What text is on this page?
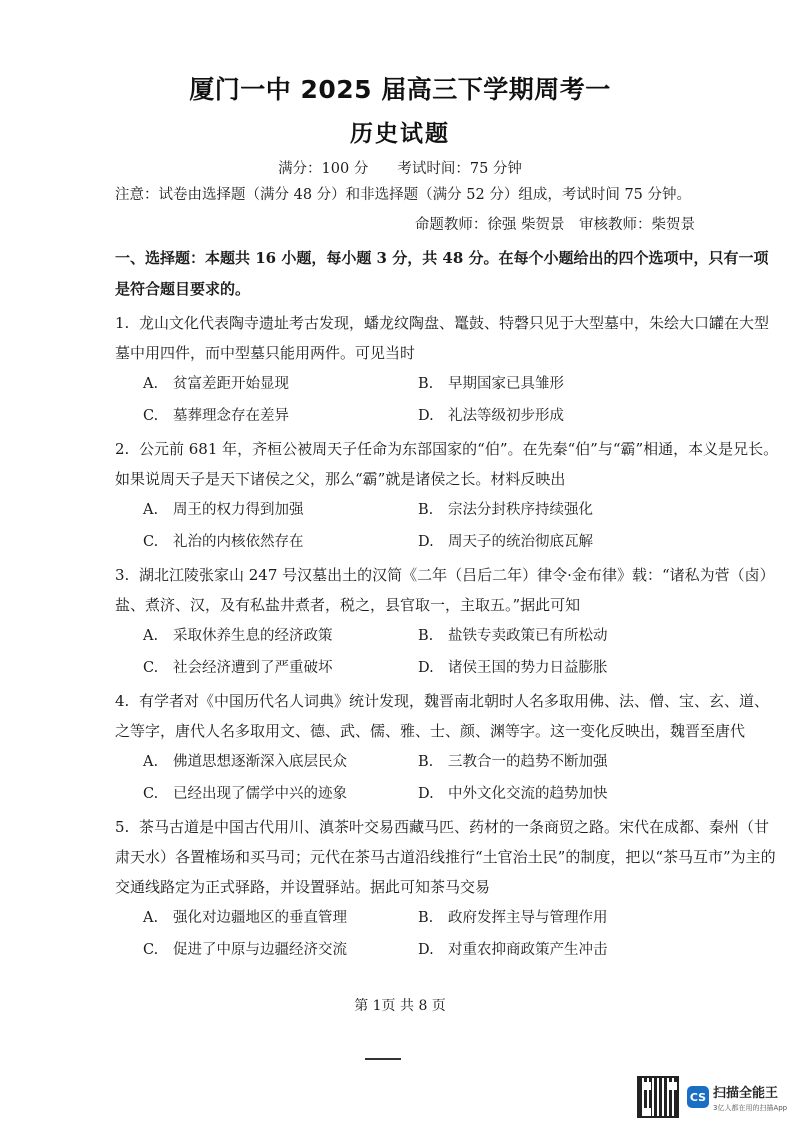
厦门一中 2025 届高三下学期周考一
历史试题
满分：100 分　　考试时间：75 分钟
注意：试卷由选择题（满分 48 分）和非选择题（满分 52 分）组成，考试时间 75 分钟。
命题教师：徐强 柴贺景　审核教师：柴贺景
一、选择题：本题共 16 小题，每小题 3 分，共 48 分。在每个小题给出的四个选项中，只有一项是符合题目要求的。
1. 龙山文化代表陶寺遗址考古发现，蟠龙纹陶盘、鼍鼓、特磬只见于大型墓中，朱绘大口罐在大型墓中用四件，而中型墓只能用两件。可见当时
A. 贫富差距开始显现	B. 早期国家已具雏形
C. 墓葬理念存在差异	D. 礼法等级初步形成
2. 公元前 681 年，齐桓公被周天子任命为东部国家的“伯”。在先秦“伯”与“霸”相通，本义是兄长。如果说周天子是天下诸侯之父，那么“霸”就是诸侯之长。材料反映出
A. 周王的权力得到加强	B. 宗法分封秩序持续强化
C. 礼治的内核依然存在	D. 周天子的统治彻底瓦解
3. 湖北江陵张家山 247 号汉墓出土的汉简《二年（吕后二年）律令·金布律》载：“诸私为菅（卤）盐、煮济、汉，及有私盐井煮者，税之，县官取一，主取五。”据此可知
A. 采取休养生息的经济政策	B. 盐铁专卖政策已有所松动
C. 社会经济遭到了严重破坏	D. 诸侯王国的势力日益膨胀
4. 有学者对《中国历代名人词典》统计发现，魏晋南北朝时人名多取用佛、法、僧、宝、玄、道、之等字，唐代人名多取用文、德、武、儒、雅、士、颜、渊等字。这一变化反映出，魏晋至唐代
A. 佛道思想逐渐深入底层民众	B. 三教合一的趋势不断加强
C. 已经出现了儒学中兴的迹象	D. 中外文化交流的趋势加快
5. 茶马古道是中国古代用川、滇茶叶交易西藏马匹、药材的一条商贸之路。宋代在成都、秦州（甘肃天水）各置榷场和买马司；元代在茶马古道沿线推行“土官治土民”的制度，把以“茶马互市”为主的交通线路定为正式驿路，并设置驿站。据此可知茶马交易
A. 强化对边疆地区的垂直管理	B. 政府发挥主导与管理作用
C. 促进了中原与边疆经济交流	D. 对重农抑商政策产生冲击
第 1页 共 8 页
CS 扫描全能王
3亿人都在用的扫描App
